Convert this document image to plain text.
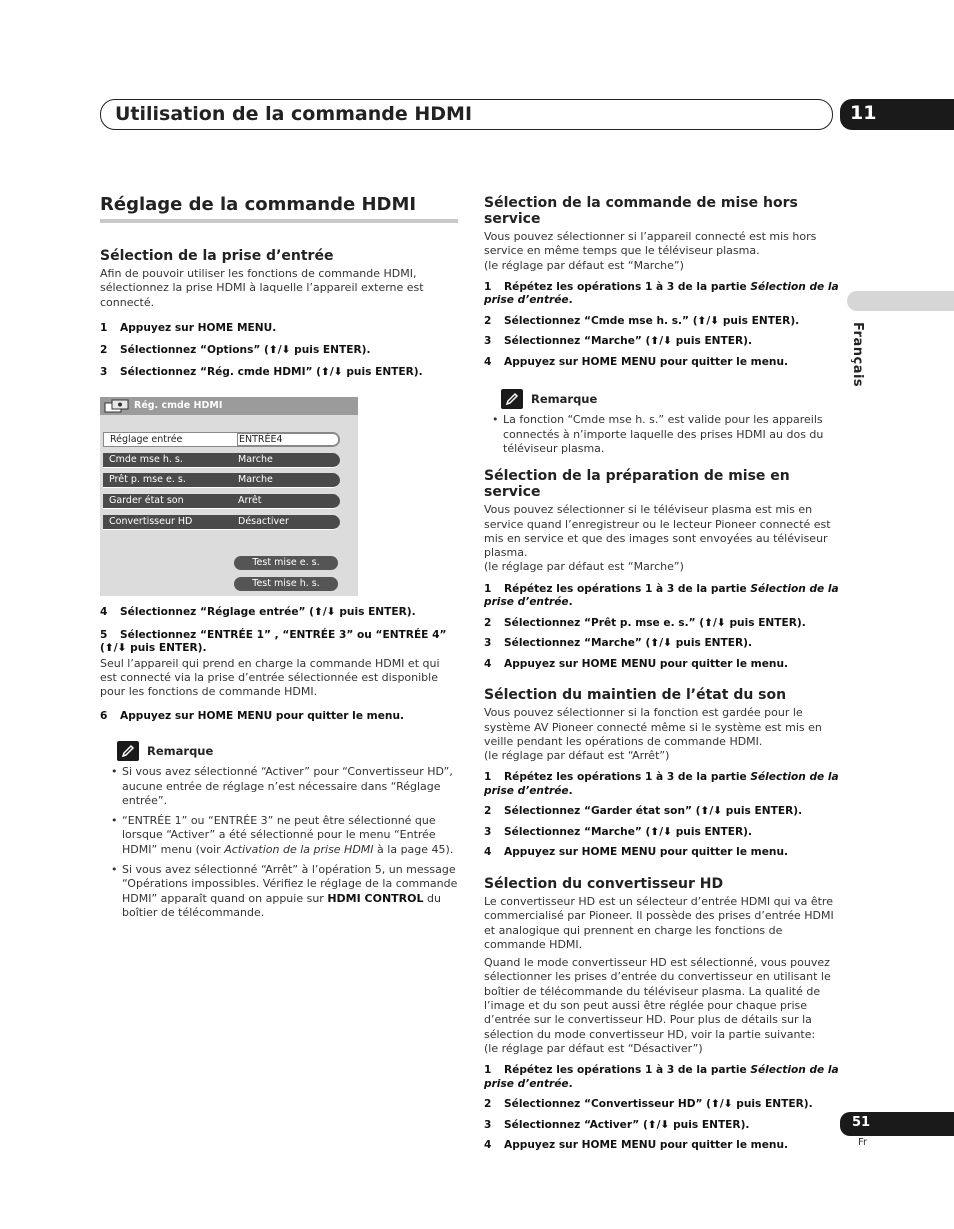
Utilisation de la commande HDMI	11
Français
Réglage de la commande HDMI
Sélection de la prise d’entrée
Afin de pouvoir utiliser les fonctions de commande HDMI, sélectionnez la prise HDMI à laquelle l’appareil externe est connecté.
1 Appuyez sur HOME MENU.
2 Sélectionnez “Options” (⬆/⬇ puis ENTER).
3 Sélectionnez “Rég. cmde HDMI” (⬆/⬇ puis ENTER).
Rég. cmde HDMI
Réglage entrée	ENTRÉE4
Cmde mse h. s.	Marche
Prêt p. mse e. s.	Marche
Garder état son	Arrêt
Convertisseur HD	Désactiver
Test mise e. s.
Test mise h. s.
4 Sélectionnez “Réglage entrée” (⬆/⬇ puis ENTER).
5 Sélectionnez “ENTRÉE 1” , “ENTRÉE 3” ou “ENTRÉE 4” (⬆/⬇ puis ENTER).
Seul l’appareil qui prend en charge la commande HDMI et qui est connecté via la prise d’entrée sélectionnée est disponible pour les fonctions de commande HDMI.
6 Appuyez sur HOME MENU pour quitter le menu.
Remarque
• Si vous avez sélectionné “Activer” pour “Convertisseur HD”, aucune entrée de réglage n’est nécessaire dans “Réglage entrée”.
• “ENTRÉE 1” ou “ENTRÉE 3” ne peut être sélectionné que lorsque “Activer” a été sélectionné pour le menu “Entrée HDMI” menu (voir Activation de la prise HDMI à la page 45).
• Si vous avez sélectionné “Arrêt” à l’opération 5, un message “Opérations impossibles. Vérifiez le réglage de la commande HDMI” apparaît quand on appuie sur HDMI CONTROL du boîtier de télécommande.
Sélection de la commande de mise hors service
Vous pouvez sélectionner si l’appareil connecté est mis hors service en même temps que le téléviseur plasma.
(le réglage par défaut est “Marche”)
1 Répétez les opérations 1 à 3 de la partie Sélection de la prise d’entrée.
2 Sélectionnez “Cmde mse h. s.” (⬆/⬇ puis ENTER).
3 Sélectionnez “Marche” (⬆/⬇ puis ENTER).
4 Appuyez sur HOME MENU pour quitter le menu.
Remarque
• La fonction “Cmde mse h. s.” est valide pour les appareils connectés à n’importe laquelle des prises HDMI au dos du téléviseur plasma.
Sélection de la préparation de mise en service
Vous pouvez sélectionner si le téléviseur plasma est mis en service quand l’enregistreur ou le lecteur Pioneer connecté est mis en service et que des images sont envoyées au téléviseur plasma.
(le réglage par défaut est “Marche”)
1 Répétez les opérations 1 à 3 de la partie Sélection de la prise d’entrée.
2 Sélectionnez “Prêt p. mse e. s.” (⬆/⬇ puis ENTER).
3 Sélectionnez “Marche” (⬆/⬇ puis ENTER).
4 Appuyez sur HOME MENU pour quitter le menu.
Sélection du maintien de l’état du son
Vous pouvez sélectionner si la fonction est gardée pour le système AV Pioneer connecté même si le système est mis en veille pendant les opérations de commande HDMI.
(le réglage par défaut est “Arrêt”)
1 Répétez les opérations 1 à 3 de la partie Sélection de la prise d’entrée.
2 Sélectionnez “Garder état son” (⬆/⬇ puis ENTER).
3 Sélectionnez “Marche” (⬆/⬇ puis ENTER).
4 Appuyez sur HOME MENU pour quitter le menu.
Sélection du convertisseur HD
Le convertisseur HD est un sélecteur d’entrée HDMI qui va être commercialisé par Pioneer. Il possède des prises d’entrée HDMI et analogique qui prennent en charge les fonctions de commande HDMI.
Quand le mode convertisseur HD est sélectionné, vous pouvez sélectionner les prises d’entrée du convertisseur en utilisant le boîtier de télécommande du téléviseur plasma. La qualité de l’image et du son peut aussi être réglée pour chaque prise d’entrée sur le convertisseur HD. Pour plus de détails sur la sélection du mode convertisseur HD, voir la partie suivante:
(le réglage par défaut est “Désactiver”)
1 Répétez les opérations 1 à 3 de la partie Sélection de la prise d’entrée.
2 Sélectionnez “Convertisseur HD” (⬆/⬇ puis ENTER).
3 Sélectionnez “Activer” (⬆/⬇ puis ENTER).
4 Appuyez sur HOME MENU pour quitter le menu.
51
Fr
